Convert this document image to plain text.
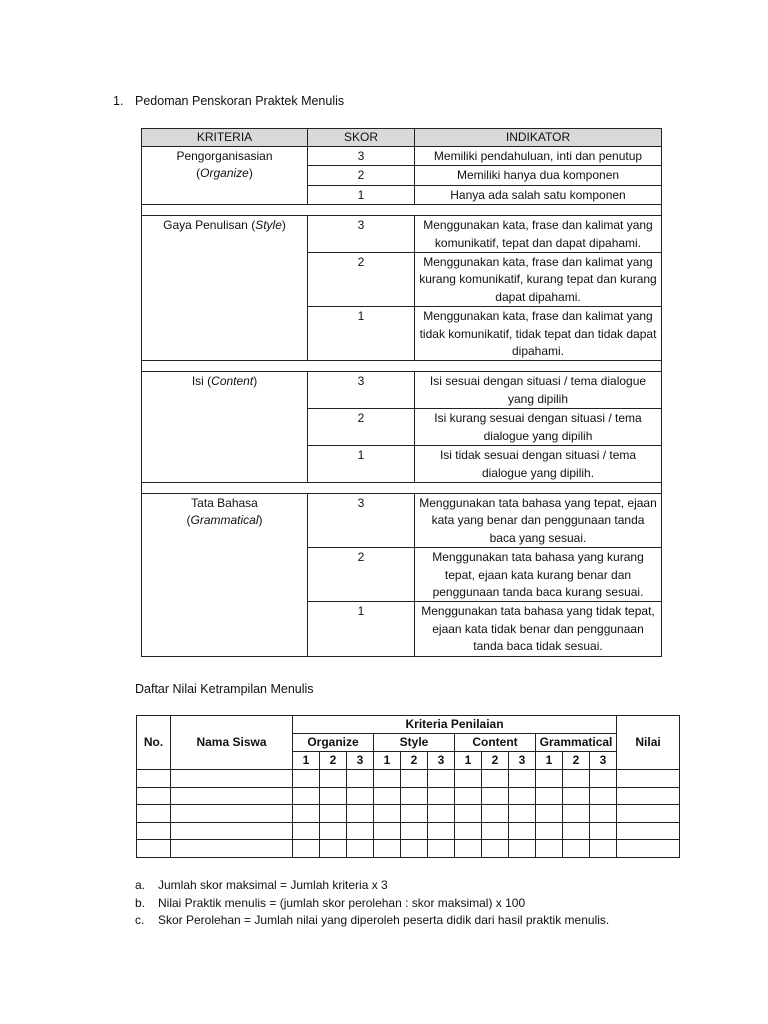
1. Pedoman Penskoran Praktek Menulis
KRITERIA	SKOR	INDIKATOR
Pengorganisasian
(Organize)	3	Memiliki pendahuluan, inti dan penutup
	2	Memiliki hanya dua komponen
	1	Hanya ada salah satu komponen

Gaya Penulisan (Style)	3	Menggunakan kata, frase dan kalimat yang komunikatif, tepat dan dapat dipahami.
	2	Menggunakan kata, frase dan kalimat yang kurang komunikatif, kurang tepat dan kurang dapat dipahami.
	1	Menggunakan kata, frase dan kalimat yang tidak komunikatif, tidak tepat dan tidak dapat dipahami.

Isi (Content)	3	Isi sesuai dengan situasi / tema dialogue yang dipilih
	2	Isi kurang sesuai dengan situasi / tema dialogue yang dipilih
	1	Isi tidak sesuai dengan situasi / tema dialogue yang dipilih.

Tata Bahasa
(Grammatical)	3	Menggunakan tata bahasa yang tepat, ejaan kata yang benar dan penggunaan tanda baca yang sesuai.
	2	Menggunakan tata bahasa yang kurang tepat, ejaan kata kurang benar dan penggunaan tanda baca kurang sesuai.
	1	Menggunakan tata bahasa yang tidak tepat, ejaan kata tidak benar dan penggunaan tanda baca tidak sesuai.
Daftar Nilai Ketrampilan Menulis
No.	Nama Siswa	Kriteria Penilaian												Nilai
		Organize			Style			Content			Grammatical			
		1	2	3	1	2	3	1	2	3	1	2	3	

a. Jumlah skor maksimal = Jumlah kriteria x 3
b. Nilai Praktik menulis = (jumlah skor perolehan : skor maksimal) x 100
c. Skor Perolehan = Jumlah nilai yang diperoleh peserta didik dari hasil praktik menulis.
